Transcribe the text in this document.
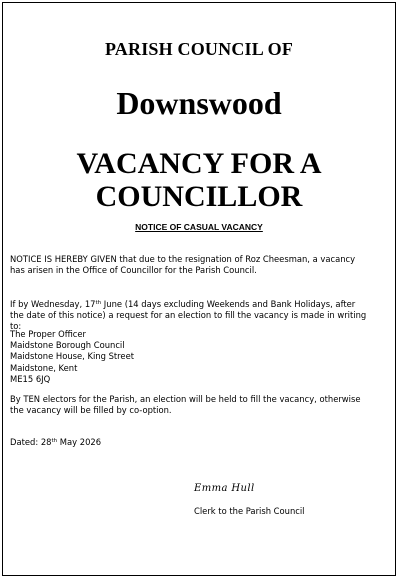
PARISH COUNCIL OF
Downswood
VACANCY FOR A
COUNCILLOR
NOTICE OF CASUAL VACANCY
NOTICE IS HEREBY GIVEN that due to the resignation of Roz Cheesman, a vacancy
has arisen in the Office of Councillor for the Parish Council.
If by Wednesday, 17th June (14 days excluding Weekends and Bank Holidays, after
the date of this notice) a request for an election to fill the vacancy is made in writing
to:
The Proper Officer
Maidstone Borough Council
Maidstone House, King Street
Maidstone, Kent
ME15 6JQ
By TEN electors for the Parish, an election will be held to fill the vacancy, otherwise
the vacancy will be filled by co-option.
Dated: 28th May 2026
Emma Hull
Clerk to the Parish Council
